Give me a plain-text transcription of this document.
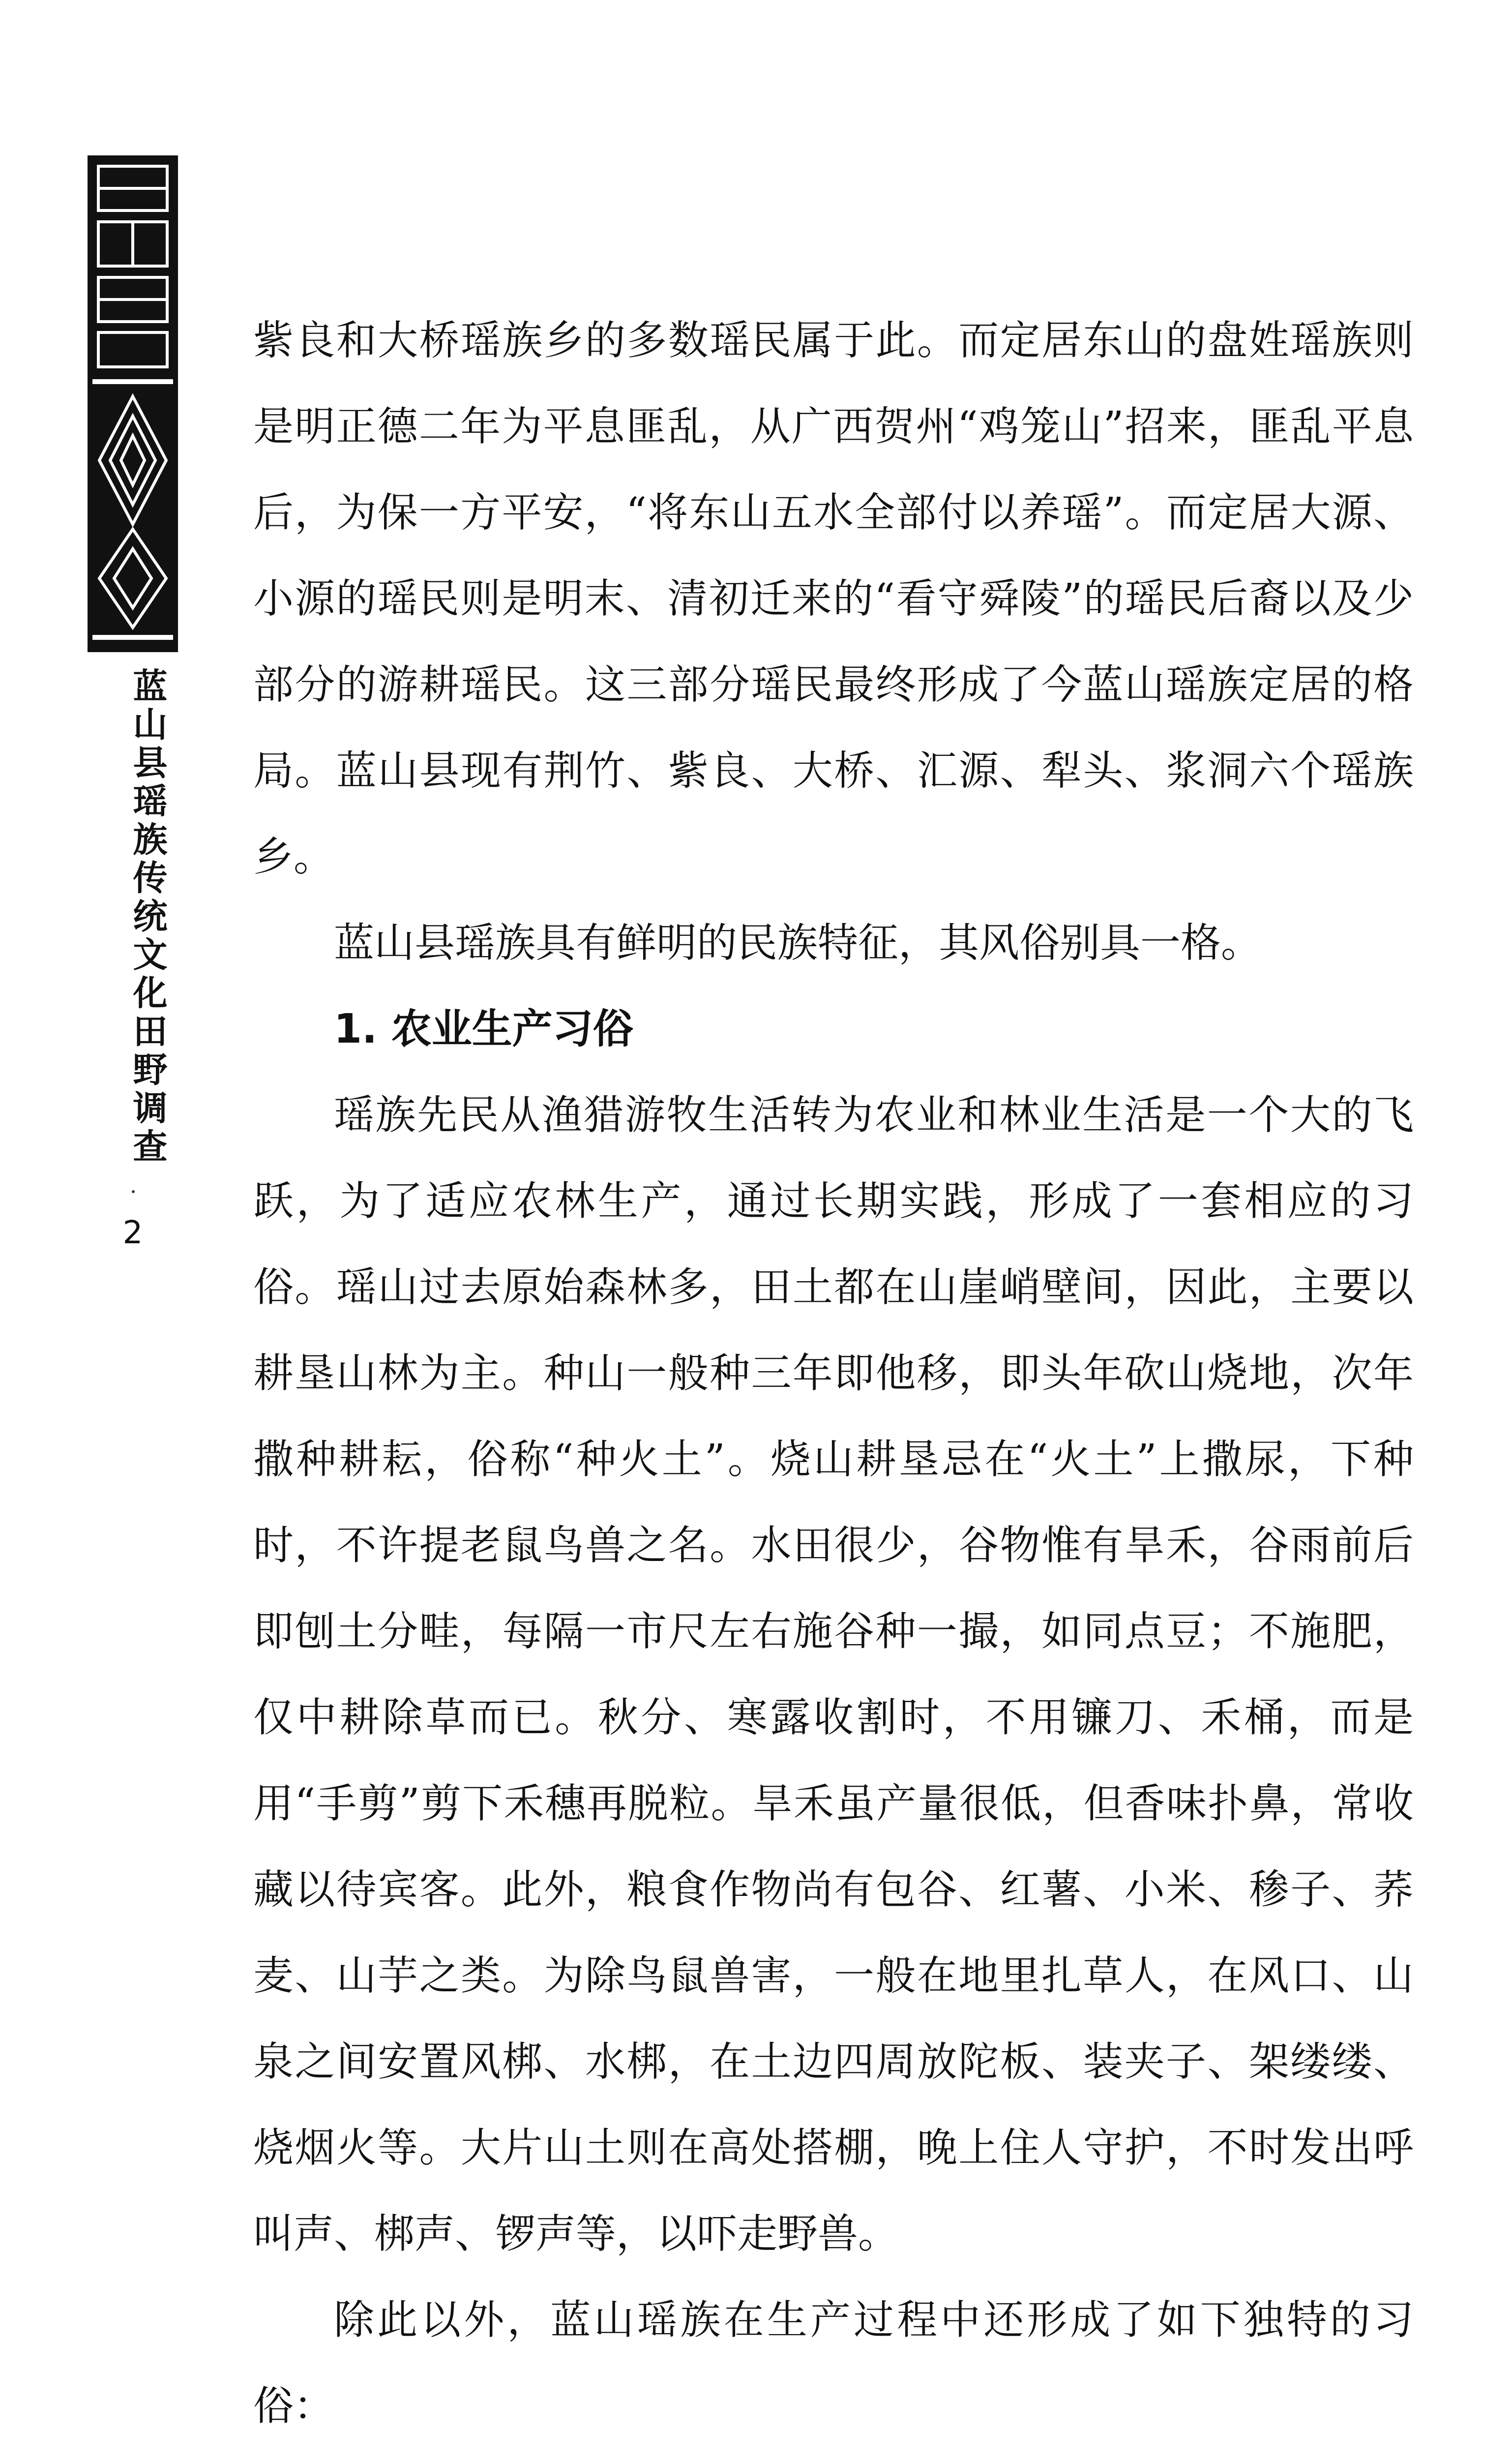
蓝山县瑶族传统文化田野调查
2

紫良和大桥瑶族乡的多数瑶民属于此。而定居东山的盘姓瑶族则是明正德二年为平息匪乱，从广西贺州“鸡笼山”招来，匪乱平息后，为保一方平安，“将东山五水全部付以养瑶”。而定居大源、小源的瑶民则是明末、清初迁来的“看守舜陵”的瑶民后裔以及少部分的游耕瑶民。这三部分瑶民最终形成了今蓝山瑶族定居的格局。蓝山县现有荆竹、紫良、大桥、汇源、犁头、浆洞六个瑶族乡。

蓝山县瑶族具有鲜明的民族特征，其风俗别具一格。

1. 农业生产习俗

瑶族先民从渔猎游牧生活转为农业和林业生活是一个大的飞跃，为了适应农林生产，通过长期实践，形成了一套相应的习俗。瑶山过去原始森林多，田土都在山崖峭壁间，因此，主要以耕垦山林为主。种山一般种三年即他移，即头年砍山烧地，次年撒种耕耘，俗称“种火土”。烧山耕垦忌在“火土”上撒尿，下种时，不许提老鼠鸟兽之名。水田很少，谷物惟有旱禾，谷雨前后即刨土分畦，每隔一市尺左右施谷种一撮，如同点豆；不施肥，仅中耕除草而已。秋分、寒露收割时，不用镰刀、禾桶，而是用“手剪”剪下禾穗再脱粒。旱禾虽产量很低，但香味扑鼻，常收藏以待宾客。此外，粮食作物尚有包谷、红薯、小米、䅟子、荞麦、山芋之类。为除鸟鼠兽害，一般在地里扎草人，在风口、山泉之间安置风梆、水梆，在土边四周放陀板、装夹子、架缕缕、烧烟火等。大片山土则在高处搭棚，晚上住人守护，不时发出呼叫声、梆声、锣声等，以吓走野兽。

除此以外，蓝山瑶族在生产过程中还形成了如下独特的习俗：
